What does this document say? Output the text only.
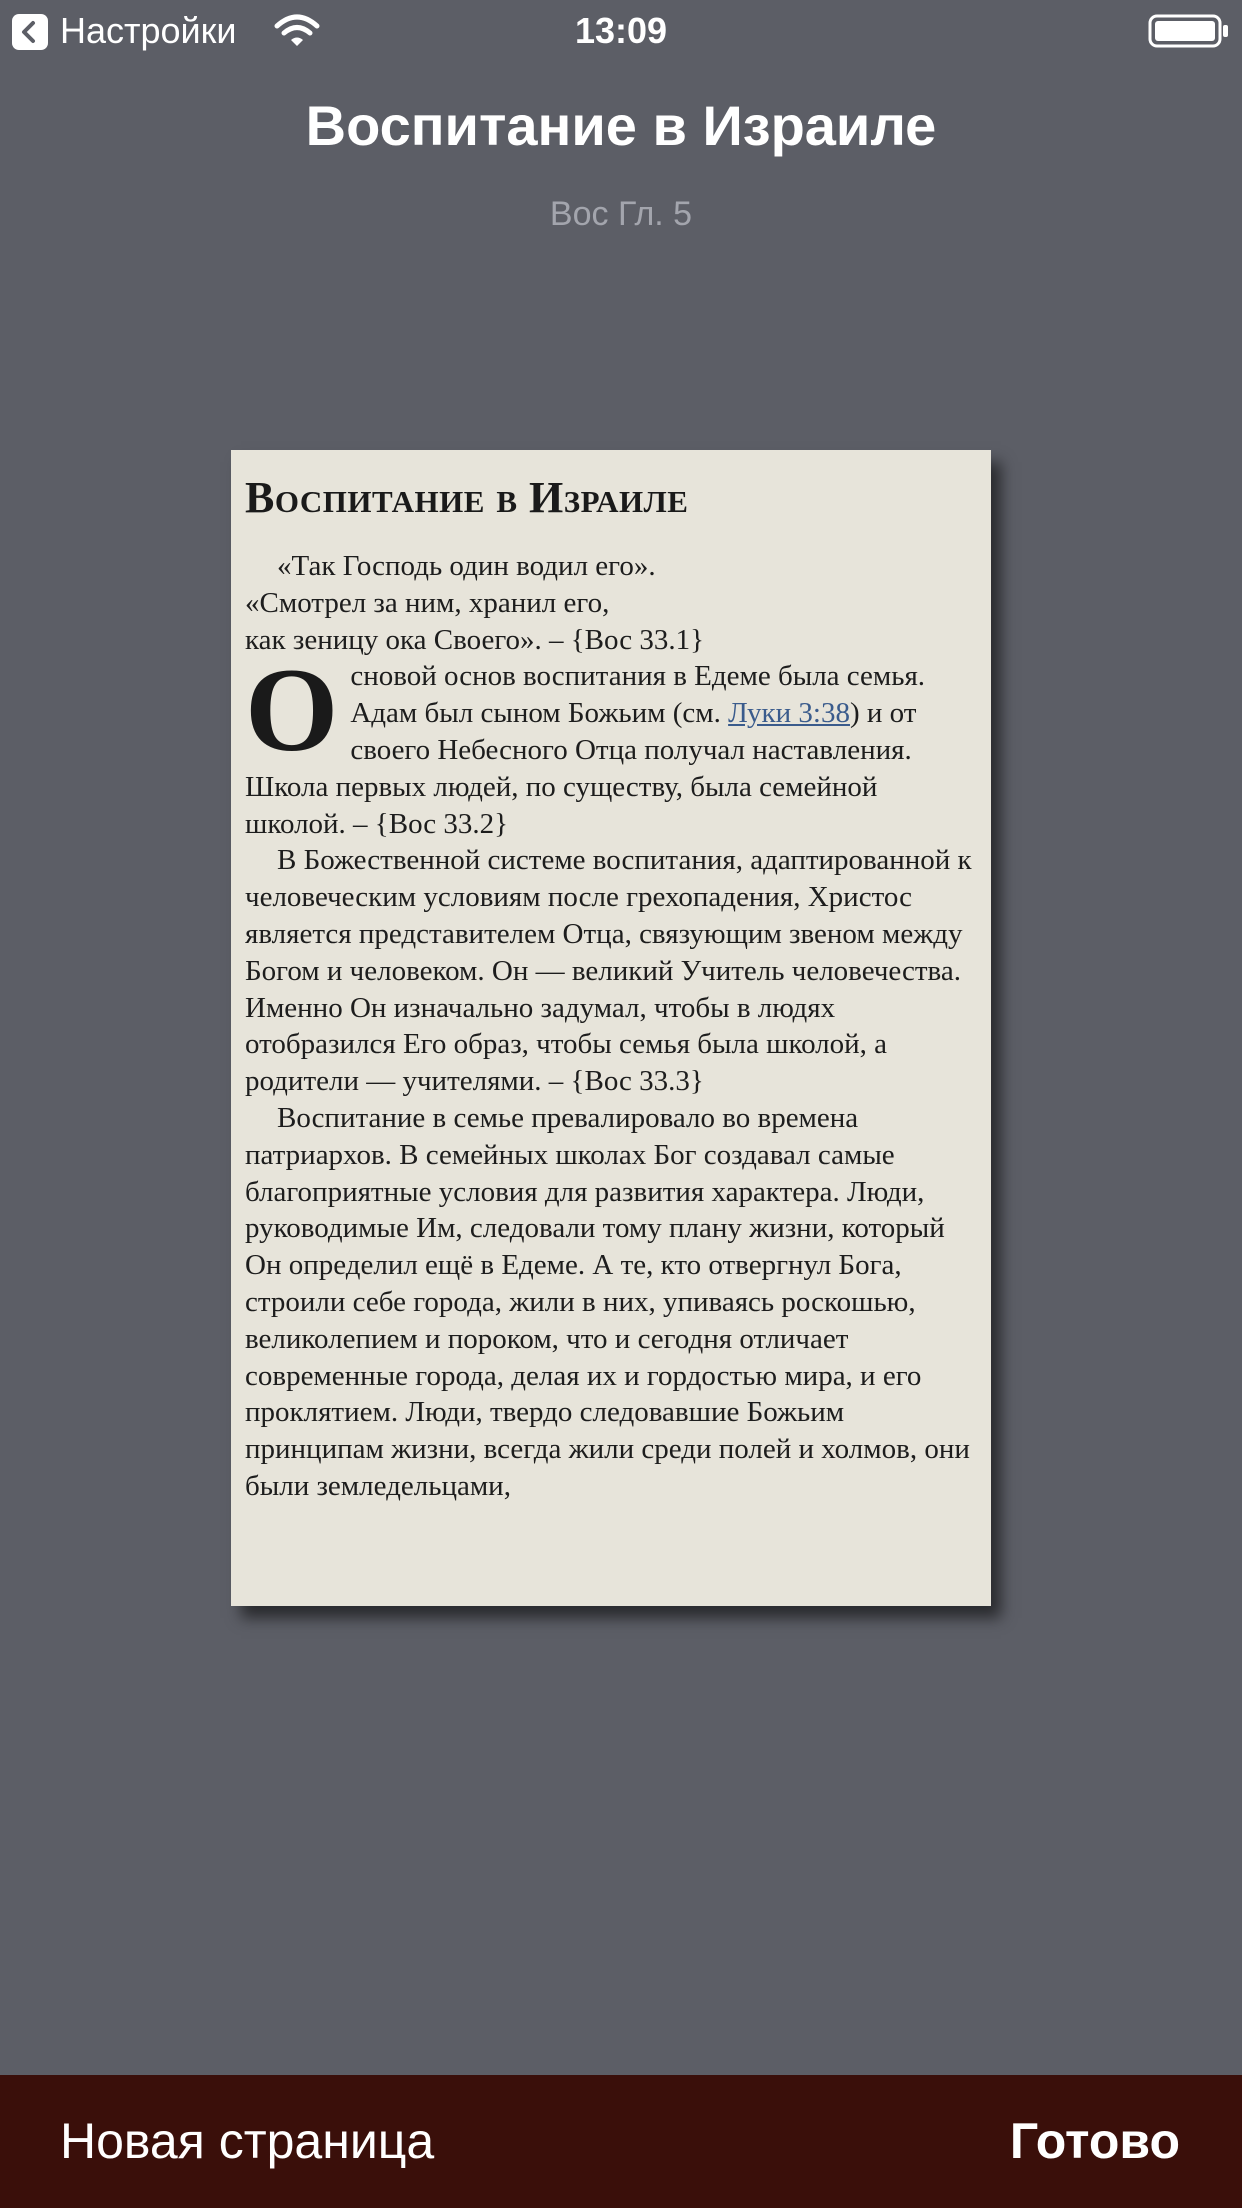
Настройки	13:09
Воспитание в Израиле
Вос Гл. 5
Воспитание в Израиле

«Так Господь один водил его».

«Смотрел за ним, хранил его,

как зеницу ока Своего». – {Вос 33.1}

Основой основ воспитания в Едеме была семья. Адам был сыном Божьим (см. Луки 3:38) и от своего Небесного Отца получал наставления. Школа первых людей, по существу, была семейной школой. – {Вос 33.2}

В Божественной системе воспитания, адаптированной к человеческим условиям после грехопадения, Христос является представителем Отца, связующим звеном между Богом и человеком. Он — великий Учитель человечества. Именно Он изначально задумал, чтобы в людях отобразился Его образ, чтобы семья была школой, а родители — учителями. – {Вос 33.3}

Воспитание в семье превалировало во времена патриархов. В семейных школах Бог создавал самые благоприятные условия для развития характера. Люди, руководимые Им, следовали тому плану жизни, который Он определил ещё в Едеме. А те, кто отвергнул Бога, строили себе города, жили в них, упиваясь роскошью, великолепием и пороком, что и сегодня отличает современные города, делая их и гордостью мира, и его проклятием. Люди, твердо следовавшие Божьим принципам жизни, всегда жили среди полей и холмов, они были земледельцами,

Новая страница	Готово
